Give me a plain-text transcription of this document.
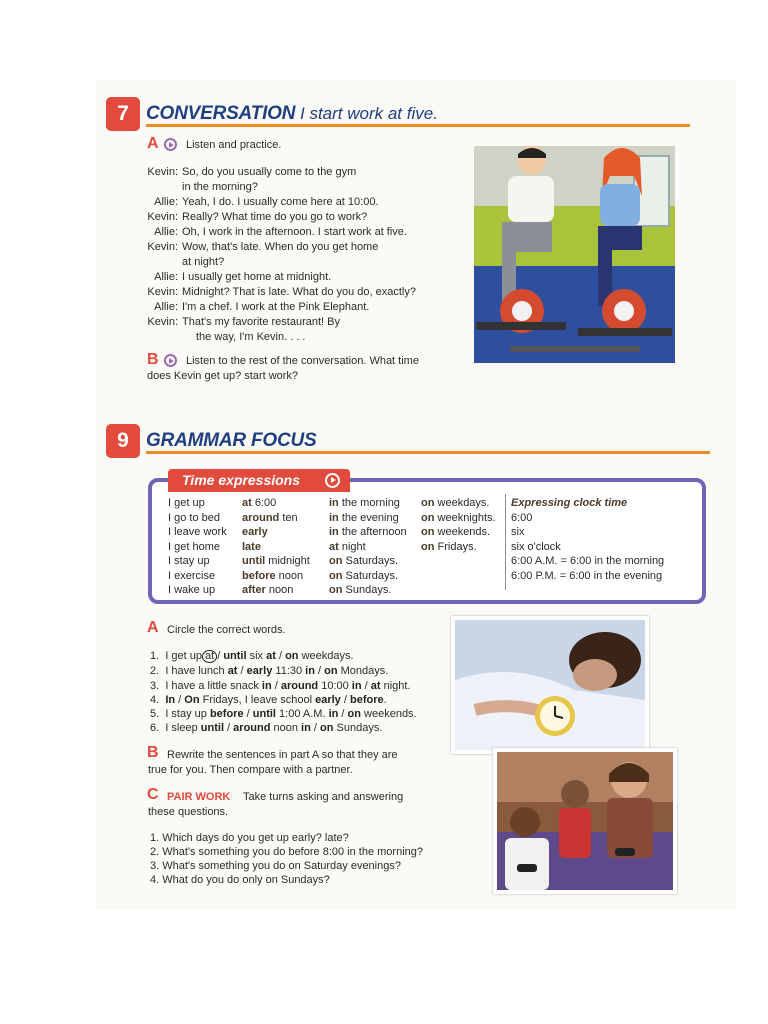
7 CONVERSATION I start work at five.
A Listen and practice.
Kevin: So, do you usually come to the gym
in the morning?
Allie: Yeah, I do. I usually come here at 10:00.
Kevin: Really? What time do you go to work?
Allie: Oh, I work in the afternoon. I start work at five.
Kevin: Wow, that's late. When do you get home
at night?
Allie: I usually get home at midnight.
Kevin: Midnight? That is late. What do you do, exactly?
Allie: I'm a chef. I work at the Pink Elephant.
Kevin: That's my favorite restaurant! By
the way, I'm Kevin. . . .
B Listen to the rest of the conversation. What time
does Kevin get up? start work?
9 GRAMMAR FOCUS
Time expressions
I get up
I go to bed
I leave work
I get home
I stay up
I exercise
I wake up
at 6:00
around ten
early
late
until midnight
before noon
after noon
in the morning
in the evening
in the afternoon
at night
on Saturdays.
on Saturdays.
on Sundays.
on weekdays.
on weeknights.
on weekends.
on Fridays.
Expressing clock time
6:00
six
six o'clock
6:00 A.M. = 6:00 in the morning
6:00 P.M. = 6:00 in the evening
A Circle the correct words.
1. I get up at / until six at / on weekdays.
2. I have lunch at / early 11:30 in / on Mondays.
3. I have a little snack in / around 10:00 in / at night.
4. In / On Fridays, I leave school early / before.
5. I stay up before / until 1:00 A.M. in / on weekends.
6. I sleep until / around noon in / on Sundays.
B Rewrite the sentences in part A so that they are
true for you. Then compare with a partner.
C PAIR WORK Take turns asking and answering
these questions.
1. Which days do you get up early? late?
2. What's something you do before 8:00 in the morning?
3. What's something you do on Saturday evenings?
4. What do you do only on Sundays?
